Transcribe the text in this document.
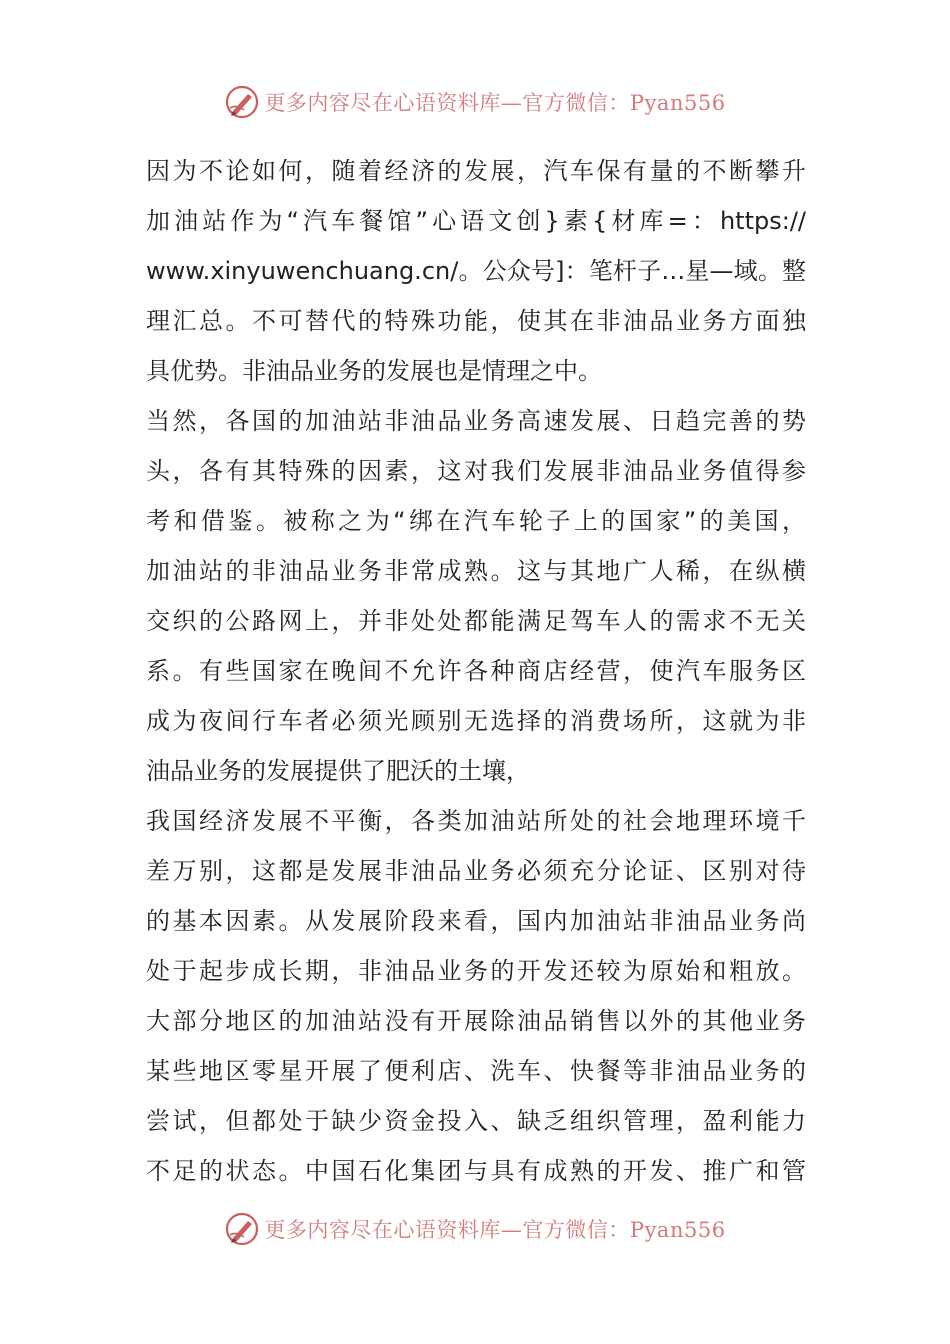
更多内容尽在心语资料库—官方微信：Pyan556
因为不论如何，随着经济的发展，汽车保有量的不断攀升
加油站作为“汽车餐馆”心语文创}素{材库=：https://
www.xinyuwenchuang.cn/。公众号]：笔杆子…星—域。整
理汇总。不可替代的特殊功能，使其在非油品业务方面独
具优势。非油品业务的发展也是情理之中。
当然，各国的加油站非油品业务高速发展、日趋完善的势
头，各有其特殊的因素，这对我们发展非油品业务值得参
考和借鉴。被称之为“绑在汽车轮子上的国家”的美国，
加油站的非油品业务非常成熟。这与其地广人稀，在纵横
交织的公路网上，并非处处都能满足驾车人的需求不无关
系。有些国家在晚间不允许各种商店经营，使汽车服务区
成为夜间行车者必须光顾别无选择的消费场所，这就为非
油品业务的发展提供了肥沃的土壤，
我国经济发展不平衡，各类加油站所处的社会地理环境千
差万别，这都是发展非油品业务必须充分论证、区别对待
的基本因素。从发展阶段来看，国内加油站非油品业务尚
处于起步成长期，非油品业务的开发还较为原始和粗放。
大部分地区的加油站没有开展除油品销售以外的其他业务
某些地区零星开展了便利店、洗车、快餐等非油品业务的
尝试，但都处于缺少资金投入、缺乏组织管理，盈利能力
不足的状态。中国石化集团与具有成熟的开发、推广和管
更多内容尽在心语资料库—官方微信：Pyan556
